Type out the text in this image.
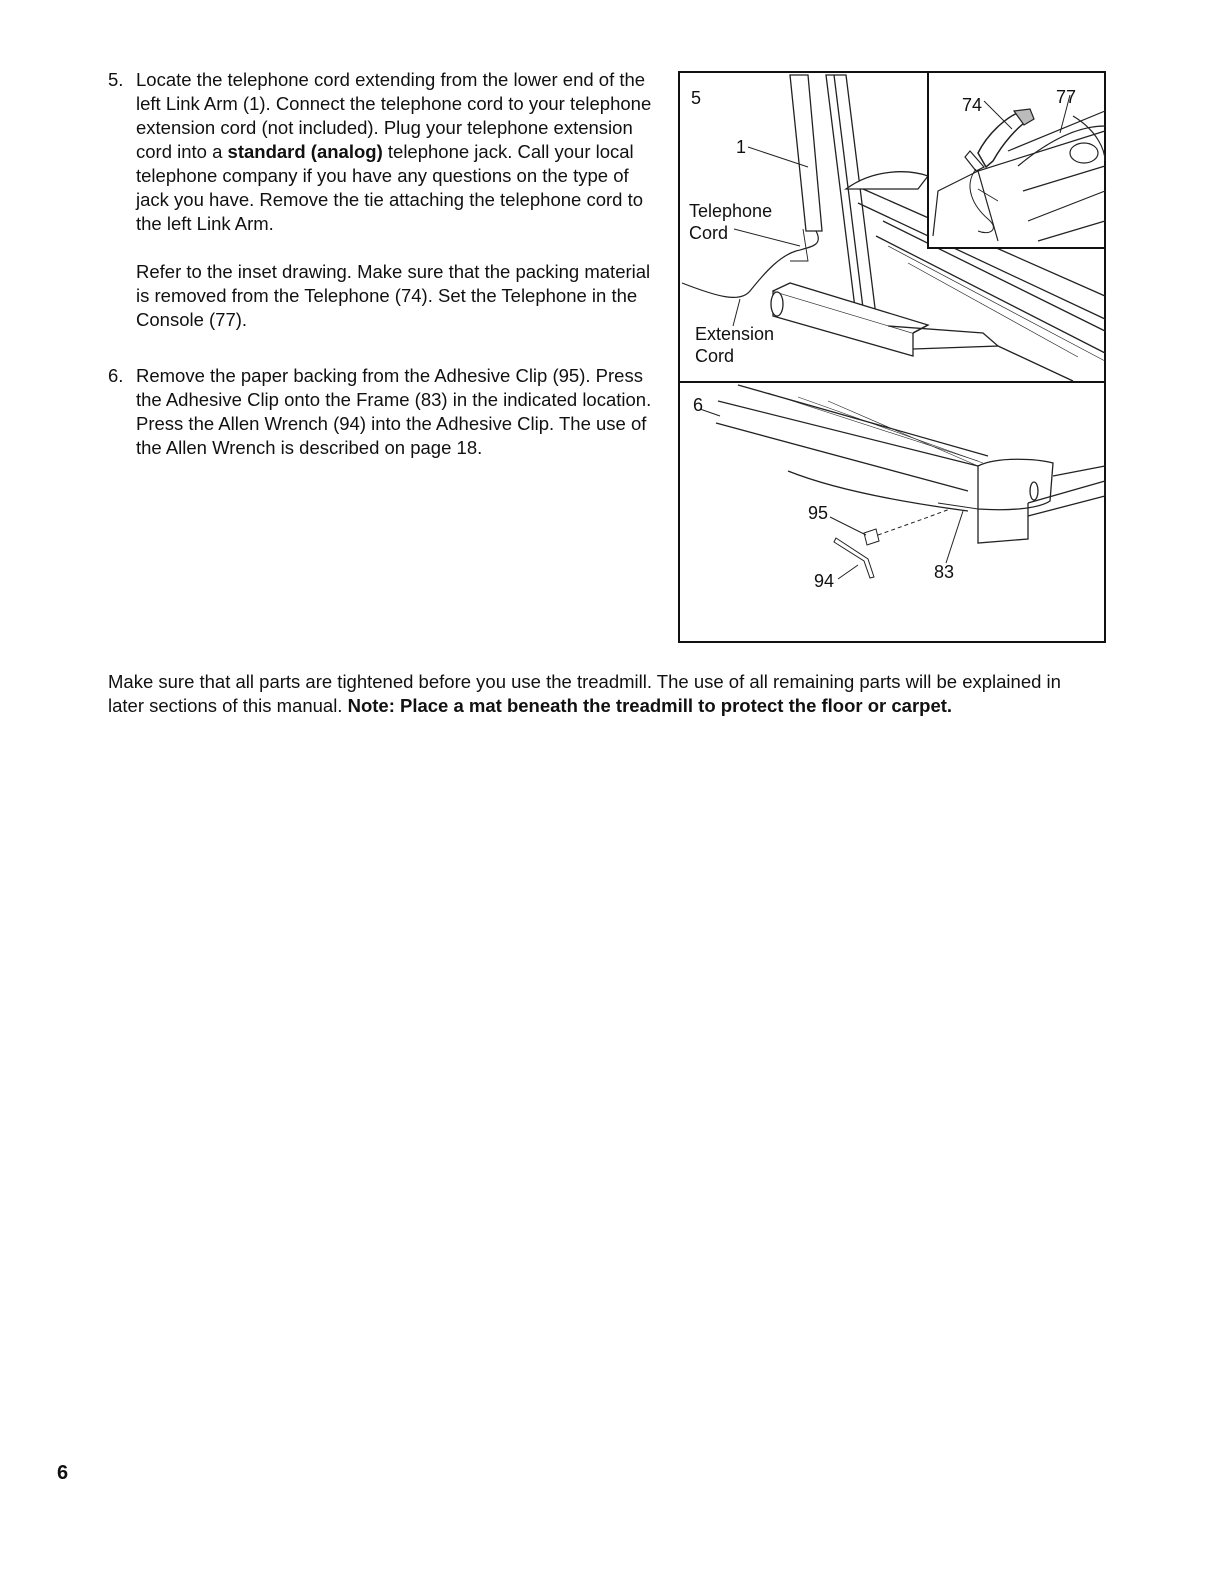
5. Locate the telephone cord extending from the lower end of the left Link Arm (1). Connect the telephone cord to your telephone extension cord (not included). Plug your telephone extension cord into a standard (analog) telephone jack. Call your local telephone company if you have any questions on the type of jack you have. Remove the tie attaching the telephone cord to the left Link Arm.

Refer to the inset drawing. Make sure that the packing material is removed from the Telephone (74). Set the Telephone in the Console (77).

6. Remove the paper backing from the Adhesive Clip (95). Press the Adhesive Clip onto the Frame (83) in the indicated location. Press the Allen Wrench (94) into the Adhesive Clip. The use of the Allen Wrench is described on page 18.

5
1
Telephone
Cord
Extension
Cord
74	77
6
95
94	83

Make sure that all parts are tightened before you use the treadmill. The use of all remaining parts will be explained in later sections of this manual. Note: Place a mat beneath the treadmill to protect the floor or carpet.

6
